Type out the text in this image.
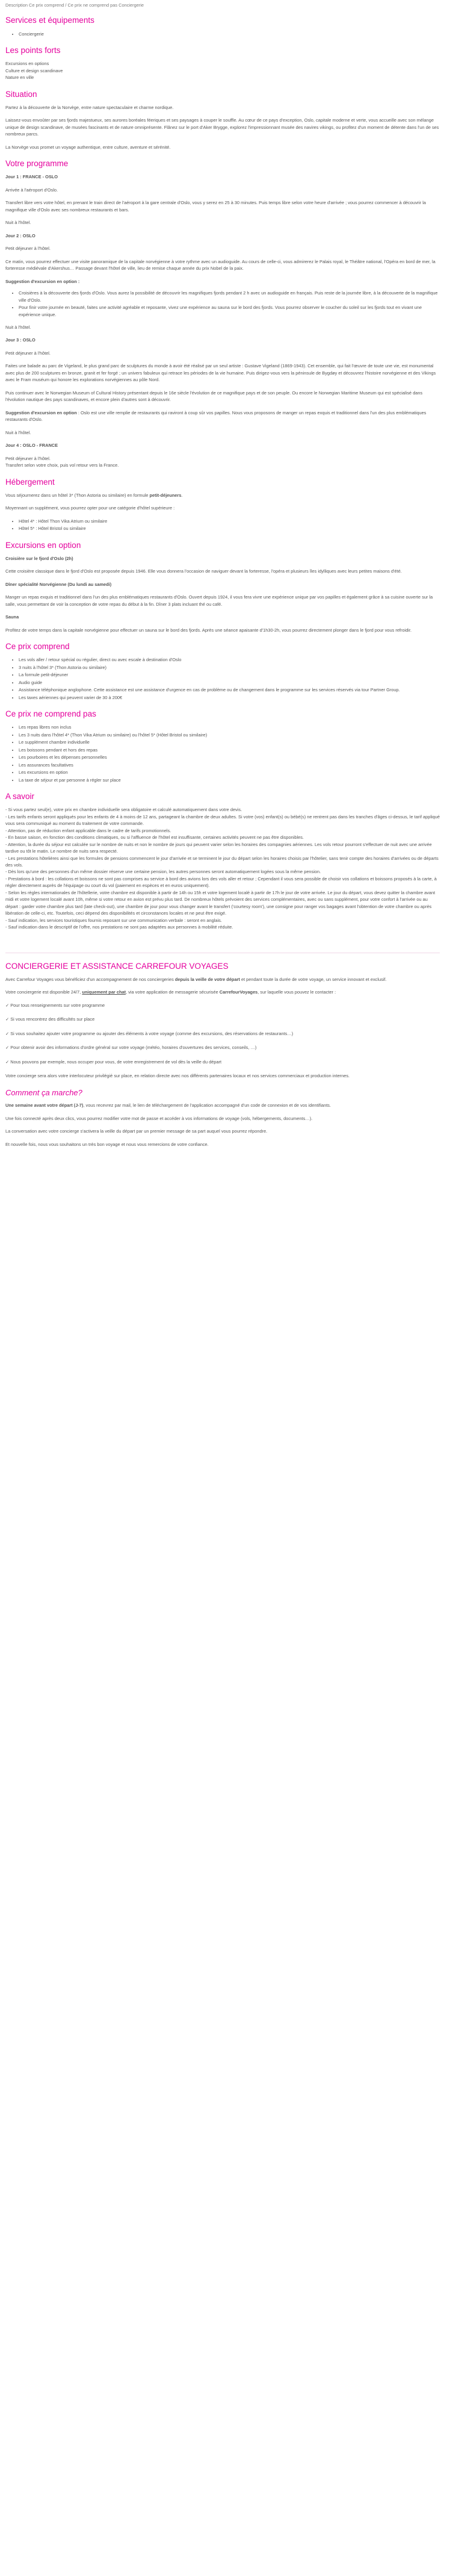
Description Ce prix comprend / Ce prix ne comprend pas Conciergerie
Services et équipements
• Conciergerie
Les points forts
Excursions en options
Culture et design scandinave
Nature en ville
Situation

Partez à la découverte de la Norvège, entre nature spectaculaire et charme nordique.

Laissez-vous envoûter par ses fjords majestueux, ses aurores boréales féeriques et ses paysages à couper le souffle. Au cœur de ce pays d'exception, Oslo, capitale moderne et verte, vous accueille avec son mélange unique de design scandinave, de musées fascinants et de nature omniprésente. Flânez sur le port d'Aker Brygge, explorez l'impressionnant musée des navires vikings, ou profitez d'un moment de détente dans l'un de ses nombreux parcs.

La Norvège vous promet un voyage authentique, entre culture, aventure et sérénité.

Votre programme
Jour 1 : FRANCE - OSLO

Arrivée à l'aéroport d'Oslo.

Transfert libre vers votre hôtel, en prenant le train direct de l'aéroport à la gare centrale d'Oslo, vous y serez en 25 à 30 minutes. Puis temps libre selon votre heure d'arrivée ; vous pourrez commencer à découvrir la magnifique ville d'Oslo avec ses nombreux restaurants et bars.

Nuit à l'hôtel.

Jour 2 : OSLO

Petit déjeuner à l'hôtel.

Ce matin, vous pourrez effectuer une visite panoramique de la capitale norvégienne à votre rythme avec un audioguide. Au cours de celle-ci, vous admirerez le Palais royal, le Théâtre national, l'Opéra en bord de mer, la forteresse médiévale d'Akershus… Passage devant l'hôtel de ville, lieu de remise chaque année du prix Nobel de la paix.

Suggestion d'excursion en option :
• Croisières à la découverte des fjords d'Oslo. Vous aurez la possibilité de découvrir les magnifiques fjords pendant 2 h avec un audioguide en français. Puis reste de la journée libre, à la découverte de la magnifique ville d'Oslo.
• Pour finir votre journée en beauté, faites une activité agréable et reposante, vivez une expérience au sauna sur le bord des fjords. Vous pourrez observer le coucher du soleil sur les fjords tout en vivant une expérience unique.

Nuit à l'hôtel.

Jour 3 : OSLO

Petit déjeuner à l'hôtel.

Faites une balade au parc de Vigeland, le plus grand parc de sculptures du monde à avoir été réalisé par un seul artiste : Gustave Vigeland (1869-1943). Cet ensemble, qui fait l'œuvre de toute une vie, est monumental avec plus de 200 sculptures en bronze, granit et fer forgé ; un univers fabuleux qui retrace les périodes de la vie humaine. Puis dirigez-vous vers la péninsule de Bygdøy et découvrez l'histoire norvégienne et des Vikings avec le Fram muséum qui honore les explorations norvégiennes au pôle Nord.

Puis continuer avec le Norwegian Museum of Cultural History présentant depuis le 16e siècle l'évolution de ce magnifique pays et de son peuple. Ou encore le Norwegian Maritime Museum qui est spécialisé dans l'évolution nautique des pays scandinaves, et encore plein d'autres sont à découvrir.

Suggestion d'excursion en option : Oslo est une ville remplie de restaurants qui raviront à coup sûr vos papilles. Nous vous proposons de manger un repas exquis et traditionnel dans l'un des plus emblématiques restaurants d'Oslo.

Nuit à l'hôtel.

Jour 4 : OSLO - FRANCE

Petit déjeuner à l'hôtel.

Transfert selon votre choix, puis vol retour vers la France.

Hébergement

Vous séjournerez dans un hôtel 3* (Thon Astoria ou similaire) en formule petit-déjeuners.

Moyennant un supplément, vous pourrez opter pour une catégorie d'hôtel supérieure :

• Hôtel 4* : Hôtel Thon Vika Atrium ou similaire
• Hôtel 5* : Hôtel Bristol ou similaire
Excursions en option
Croisière sur le fjord d'Oslo (2h)

Cette croisière classique dans le fjord d'Oslo est proposée depuis 1946. Elle vous donnera l'occasion de naviguer devant la forteresse, l'opéra et plusieurs îles idylliques avec leurs petites maisons d'été.

Dîner spécialité Norvégienne (Du lundi au samedi)

Manger un repas exquis et traditionnel dans l'un des plus emblématiques restaurants d'Oslo. Ouvert depuis 1924, il vous fera vivre une expérience unique par vos papilles et également grâce à sa cuisine ouverte sur la salle, vous permettant de voir la conception de votre repas du début à la fin. Dîner 3 plats incluant thé ou café.

Sauna

Profitez de votre temps dans la capitale norvégienne pour effectuer un sauna sur le bord des fjords. Après une séance apaisante d'1h30-2h, vous pourrez directement plonger dans le fjord pour vous refroidir.

Ce prix comprend
• Les vols aller / retour spécial ou régulier, direct ou avec escale à destination d'Oslo
• 3 nuits à l'hôtel 3* (Thon Astoria ou similaire)
• La formule petit-déjeuner
• Audio guide
• Assistance téléphonique anglophone. Cette assistance est une assistance d'urgence en cas de problème ou de changement dans le programme sur les services réservés via tour Partner Group.
• Les taxes aériennes qui peuvent varier de 30 à 200€
Ce prix ne comprend pas
• Les repas libres non inclus
• Les 3 nuits dans l'hôtel 4* (Thon Vika Atrium ou similaire) ou l'hôtel 5* (Hôtel Bristol ou similaire)
• Le supplément chambre individuelle
• Les boissons pendant et hors des repas
• Les pourboires et les dépenses personnelles
• Les assurances facultatives
• Les excursions en option
• La taxe de séjour et par personne à régler sur place
A savoir

- Si vous partez seul(e), votre prix en chambre individuelle sera obligatoire et calculé automatiquement dans votre devis.

- Les tarifs enfants seront appliqués pour les enfants de 4 à moins de 12 ans, partageant la chambre de deux adultes. Si votre (vos) enfant(s) ou bébé(s) ne rentrent pas dans les tranches d'âges ci-dessus, le tarif appliqué vous sera communiqué au moment du traitement de votre commande.

- Attention, pas de réduction enfant applicable dans le cadre de tarifs promotionnels.

- En basse saison, en fonction des conditions climatiques, ou si l'affluence de l'hôtel est insuffisante, certaines activités peuvent ne pas être disponibles.

- Attention, la durée du séjour est calculée sur le nombre de nuits et non le nombre de jours qui peuvent varier selon les horaires des compagnies aériennes. Les vols retour pourront s'effectuer de nuit avec une arrivée tardive ou tôt le matin. Le nombre de nuits sera respecté.

- Les prestations hôtelières ainsi que les formules de pensions commencent le jour d'arrivée et se terminent le jour du départ selon les horaires choisis par l'hôtelier, sans tenir compte des horaires d'arrivées ou de départs des vols.

- Dès lors qu'une des personnes d'un même dossier réserve une certaine pension, les autres personnes seront automatiquement logées sous la même pension.

- Prestations à bord : les collations et boissons ne sont pas comprises au service à bord des avions lors des vols aller et retour ; Cependant il vous sera possible de choisir vos collations et boissons proposés à la carte, à régler directement auprès de l'équipage ou court du vol (paiement en espèces et en euros uniquement).

- Selon les règles internationales de l'hôtellerie, votre chambre est disponible à partir de 14h ou 15h et votre logement localé à partir de 17h le jour de votre arrivée. Le jour du départ, vous devez quitter la chambre avant midi et votre logement localé avant 10h, même si votre retour en avion est prévu plus tard. De nombreux hôtels prévoient des services complémentaires, avec ou sans supplément, pour votre confort à l'arrivée ou au départ : garder votre chambre plus tard (late check-out), une chambre de jour pour vous changer avant le transfert ('courtesy room'), une consigne pour ranger vos bagages avant l'obtention de votre chambre ou après libération de celle-ci, etc. Toutefois, ceci dépend des disponibilités et circonstances locales et ne peut être exigé.

- Sauf indication, les services touristiques fournis reposant sur une communication verbale : seront en anglais.

- Sauf indication dans le descriptif de l'offre, nos prestations ne sont pas adaptées aux personnes à mobilité réduite.

CONCIERGERIE ET ASSISTANCE CARREFOUR VOYAGES

Avec Carrefour Voyages vous bénéficiez d'un accompagnement de nos conciergeries depuis la veille de votre départ et pendant toute la durée de votre voyage, un service innovant et exclusif.

Votre conciergerie est disponible 24/7, uniquement par chat, via votre application de messagerie sécurisée CarrefourVoyages, sur laquelle vous pouvez le contacter :

✓ Pour tous renseignements sur votre programme

✓ Si vous rencontrez des difficultés sur place

✓ Si vous souhaitez ajouter votre programme ou ajouter des éléments à votre voyage (comme des excursions, des réservations de restaurants…)

✓ Pour obtenir avoir des informations d'ordre général sur votre voyage (météo, horaires d'ouvertures des services, conseils, …)

✓ Nous pouvons par exemple, nous occuper pour vous, de votre enregistrement de vol dès la veille du départ

Votre concierge sera alors votre interlocuteur privilégié sur place, en relation directe avec nos différents partenaires locaux et nos services commerciaux et production internes.

Comment ça marche?

Une semaine avant votre départ (J-7), vous recevrez par mail, le lien de téléchargement de l'application accompagné d'un code de connexion et de vos identifiants.

Une fois connecté après deux clics, vous pourrez modifier votre mot de passe et accéder à vos informations de voyage (vols, hébergements, documents…).

La conversation avec votre concierge s'activera la veille du départ par un premier message de sa part auquel vous pourrez répondre.

Et nouvelle fois, nous vous souhaitons un très bon voyage et nous vous remercions de votre confiance.
